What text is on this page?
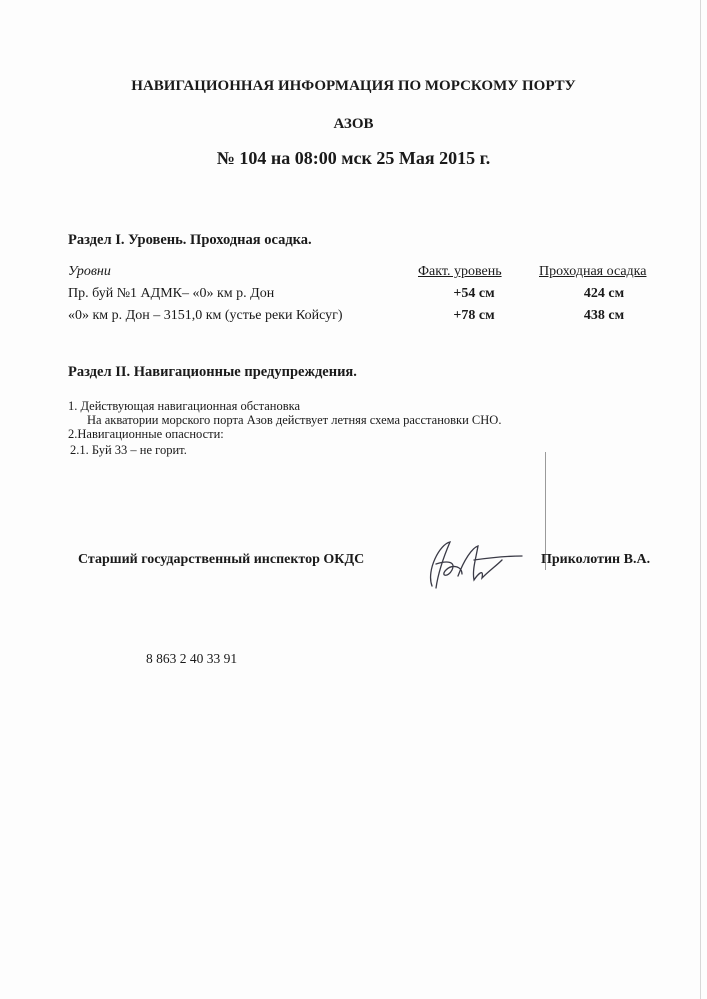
НАВИГАЦИОННАЯ ИНФОРМАЦИЯ ПО МОРСКОМУ ПОРТУ
АЗОВ
№ 104 на 08:00 мск 25 Мая 2015 г.
Раздел I. Уровень. Проходная осадка.
Уровни	Факт. уровень	Проходная осадка
Пр. буй №1 АДМК– «0» км р. Дон	+54 см	424 см
«0» км р. Дон – 3151,0 км (устье реки Койсуг)	+78 см	438 см
Раздел II. Навигационные предупреждения.
1. Действующая навигационная обстановка
На акватории морского порта Азов действует летняя схема расстановки СНО.
2.Навигационные опасности:
2.1. Буй 33 – не горит.
Старший государственный инспектор ОКДС	Приколотин В.А.
8 863 2 40 33 91
